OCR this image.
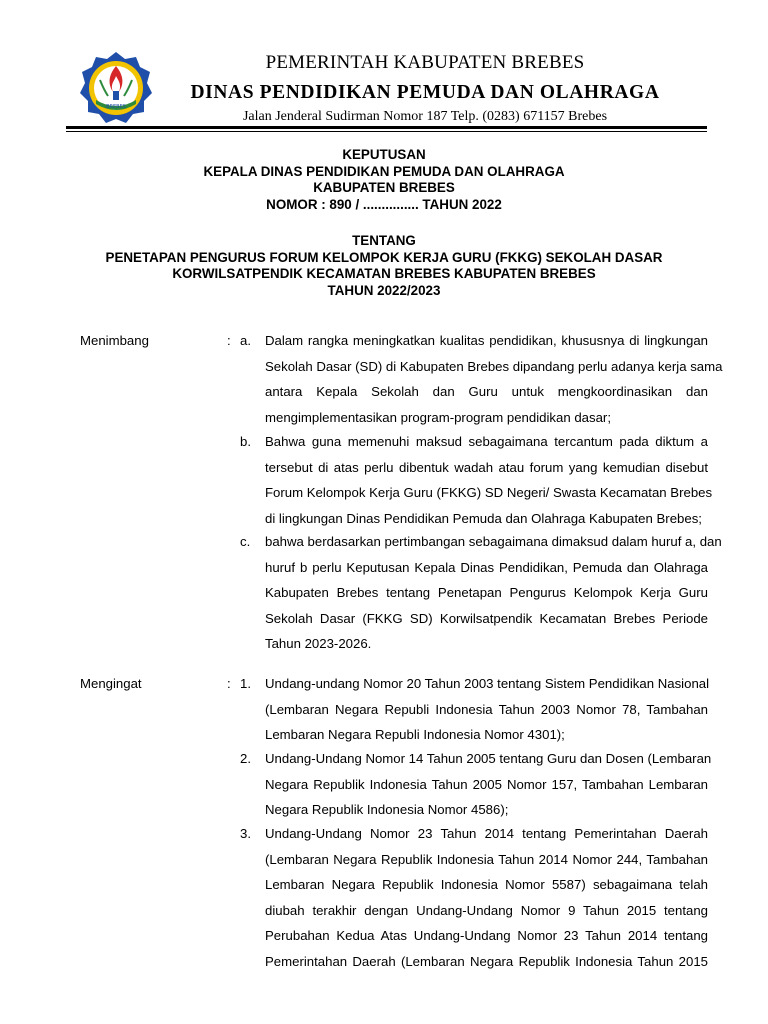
BREBES
PEMERINTAH KABUPATEN BREBES
DINAS PENDIDIKAN PEMUDA DAN OLAHRAGA
Jalan Jenderal Sudirman Nomor 187 Telp. (0283) 671157 Brebes
KEPUTUSAN
KEPALA DINAS PENDIDIKAN PEMUDA DAN OLAHRAGA
KABUPATEN BREBES
NOMOR : 890 / ............... TAHUN 2022
TENTANG
PENETAPAN PENGURUS FORUM KELOMPOK KERJA GURU (FKKG) SEKOLAH DASAR
KORWILSATPENDIK KECAMATAN BREBES KABUPATEN BREBES
TAHUN 2022/2023
Menimbang	: a. Dalam rangka meningkatkan kualitas pendidikan, khususnya di lingkungan
Sekolah Dasar (SD) di Kabupaten Brebes dipandang perlu adanya kerja sama
antara Kepala Sekolah dan Guru untuk mengkoordinasikan dan
mengimplementasikan program-program pendidikan dasar;
b. Bahwa guna memenuhi maksud sebagaimana tercantum pada diktum a
tersebut di atas perlu dibentuk wadah atau forum yang kemudian disebut
Forum Kelompok Kerja Guru (FKKG) SD Negeri/ Swasta Kecamatan Brebes
di lingkungan Dinas Pendidikan Pemuda dan Olahraga Kabupaten Brebes;
c. bahwa berdasarkan pertimbangan sebagaimana dimaksud dalam huruf a, dan
huruf b perlu Keputusan Kepala Dinas Pendidikan, Pemuda dan Olahraga
Kabupaten Brebes tentang Penetapan Pengurus Kelompok Kerja Guru
Sekolah Dasar (FKKG SD) Korwilsatpendik Kecamatan Brebes Periode
Tahun 2023-2026.
Mengingat	: 1. Undang-undang Nomor 20 Tahun 2003 tentang Sistem Pendidikan Nasional
(Lembaran Negara Republi Indonesia Tahun 2003 Nomor 78, Tambahan
Lembaran Negara Republi Indonesia Nomor 4301);
2. Undang-Undang Nomor 14 Tahun 2005 tentang Guru dan Dosen (Lembaran
Negara Republik Indonesia Tahun 2005 Nomor 157, Tambahan Lembaran
Negara Republik Indonesia Nomor 4586);
3. Undang-Undang Nomor 23 Tahun 2014 tentang Pemerintahan Daerah
(Lembaran Negara Republik Indonesia Tahun 2014 Nomor 244, Tambahan
Lembaran Negara Republik Indonesia Nomor 5587) sebagaimana telah
diubah terakhir dengan Undang-Undang Nomor 9 Tahun 2015 tentang
Perubahan Kedua Atas Undang-Undang Nomor 23 Tahun 2014 tentang
Pemerintahan Daerah (Lembaran Negara Republik Indonesia Tahun 2015
